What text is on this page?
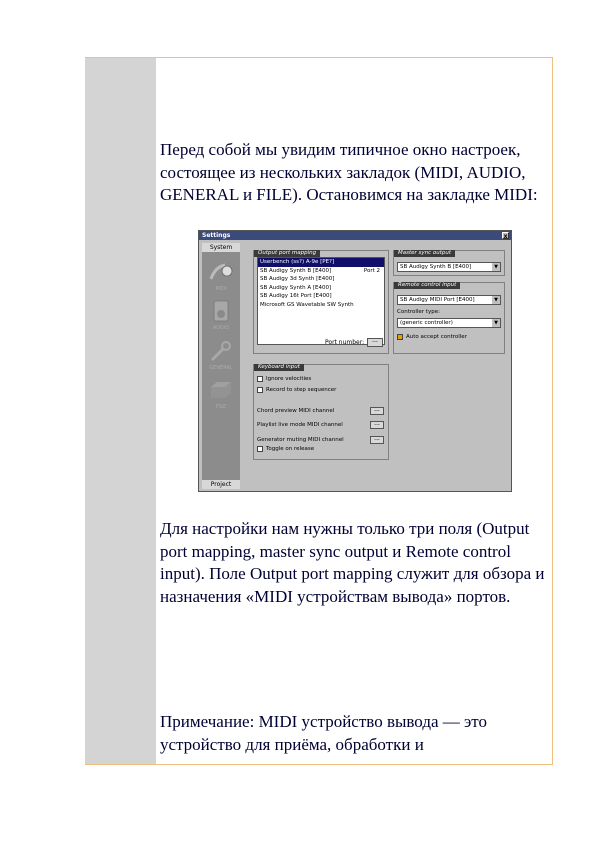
Перед собой мы увидим типичное окно настроек, состоящее из нескольких закладок (MIDI, AUDIO, GENERAL и FILE). Остановимся на закладке MIDI:

Settings	x
System
MIDI
AUDIO
GENERAL
FILE
Project
Output port mapping
Userbench (ss?) A-9e [PE?]
SB Audigy Synth B [E400]	Port 2
SB Audigy 3d Synth [E400]
SB Audigy Synth A [E400]
SB Audigy 16t Port [E400]
Microsoft GS Wavetable SW Synth
Port number:	---
Master sync output
SB Audigy Synth B [E400]	▼
Remote control input
SB Audigy MIDI Port [E400]	▼
Controller type:
(generic controller)	▼
Auto accept controller
Keyboard input
Ignore velocities
Record to step sequencer
Chord preview MIDI channel	---
Playlist live mode MIDI channel	---
Generator muting MIDI channel	---
Toggle on release

Для настройки нам нужны только три поля (Output port mapping, master sync output и Remote control input). Поле Output port mapping служит для обзора и назначения «MIDI устройствам вывода» портов.

Примечание: MIDI устройство вывода — это устройство для приёма, обработки и
